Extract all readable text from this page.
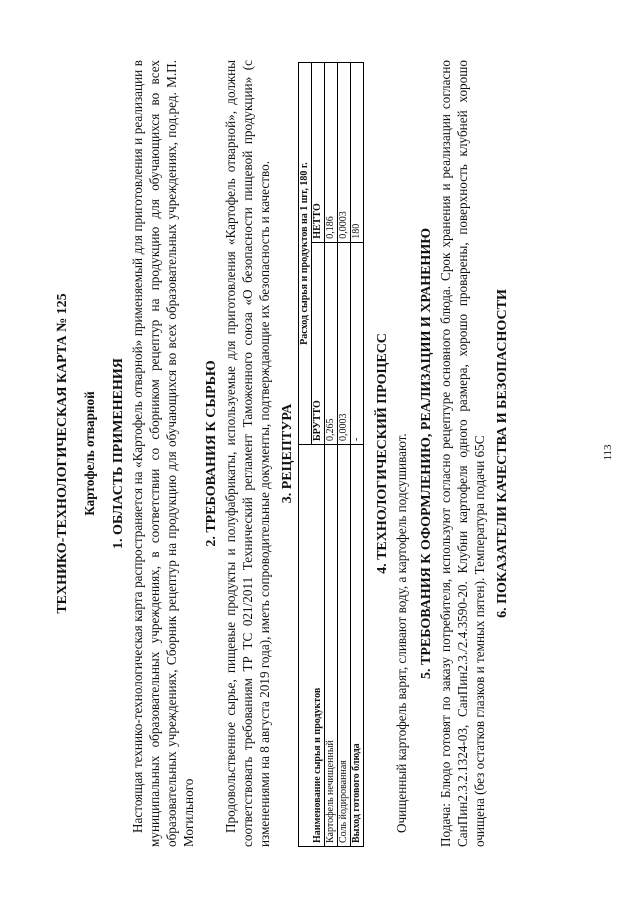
ТЕХНИКО-ТЕХНОЛОГИЧЕСКАЯ КАРТА № 125 Картофель отварной 1. ОБЛАСТЬ ПРИМЕНЕНИЯ Настоящая технико-технологическая карта распространяется на «Картофель отварной» применяемый для приготовления и реализации в муниципальных образовательных учреждениях, в соответствии со сборником рецептур на продукцию для обучающихся во всех образовательных учреждениях, Сборник рецептур на продукцию для обучающихся во всех образовательных учреждениях, под.ред. М.П. Могильного

2. ТРЕБОВАНИЯ К СЫРЬЮ Продовольственное сырье, пищевые продукты и полуфабрикаты, используемые для приготовления «Картофель отварной», должны соответствовать требованиям ТР ТС 021/2011 Технический регламент Таможенного союза «О безопасности пищевой продукции» (с изменениями на 8 августа 2019 года), иметь сопроводительные документы, подтверждающие их безопасность и качество. 3. РЕЦЕПТУРА
Наименование сырья и продуктов	Расход сырья и продуктов на 1 шт, 180 г.	
	БРУТТО	НЕТТО
Картофель нечищенный	0,265	0,186
Соль йодированная	0,0003	0,0003
Выход готового блюда	-	180
4. ТЕХНОЛОГИЧЕСКИЙ ПРОЦЕСС Очищенный картофель варят, сливают воду, а картофель подсушивают. 5. ТРЕБОВАНИЯ К ОФОРМЛЕНИЮ, РЕАЛИЗАЦИИ И ХРАНЕНИЮ Подача: Блюдо готовят по заказу потребителя, используют согласно рецептуре основного блюда. Срок хранения и реализации согласно СанПин2.3.2.1324-03, СанПин2.3./2.4.3590-20. Клубни картофеля одного размера, хорошо проварены, поверхность клубней хорошо очищена (без остатков глазков и темных пятен). Температура подачи 65С 6. ПОКАЗАТЕЛИ КАЧЕСТВА И БЕЗОПАСНОСТИ	113
